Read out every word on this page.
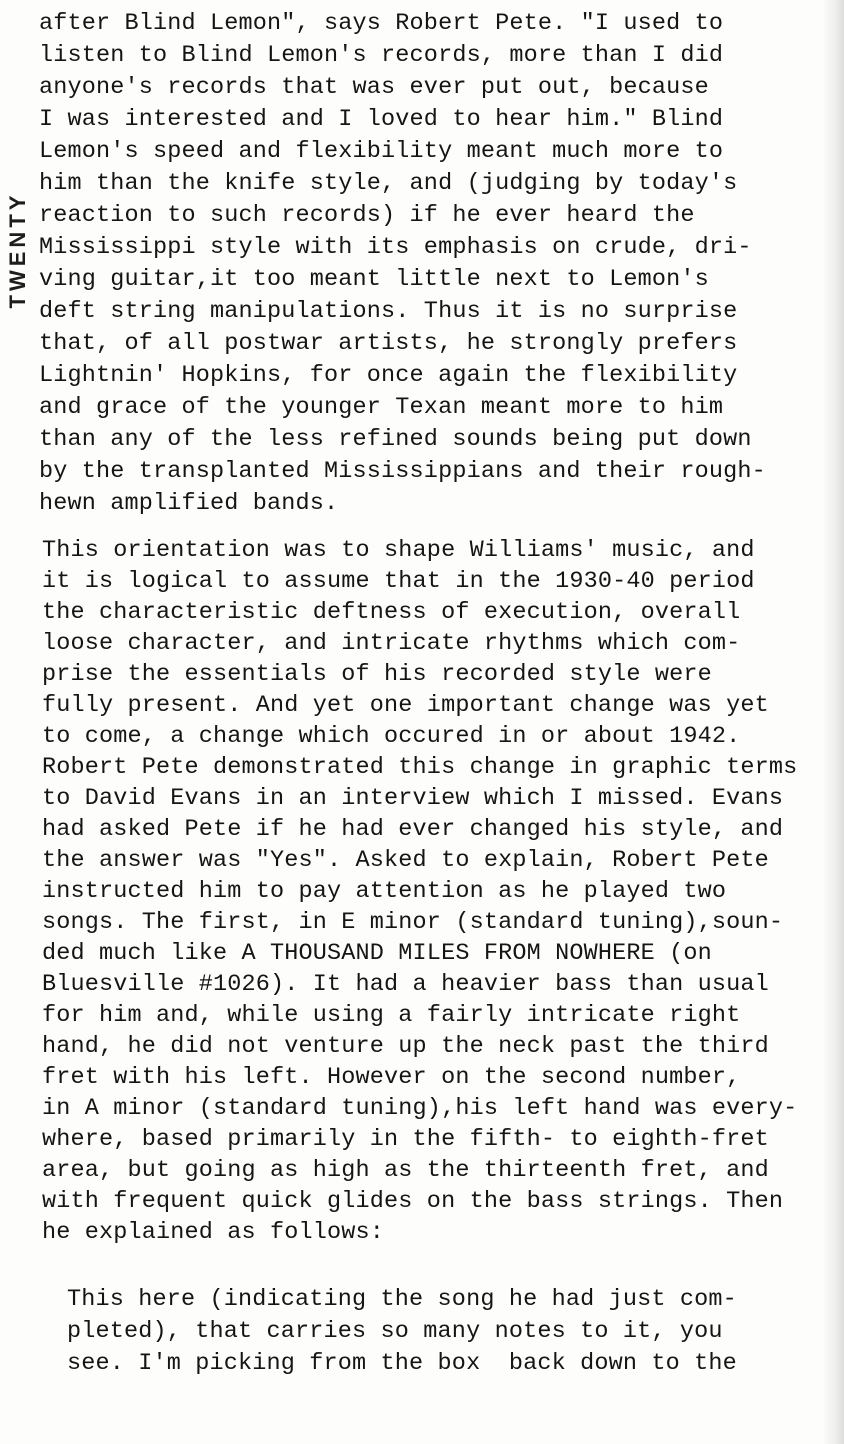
TWENTY
after Blind Lemon", says Robert Pete. "I used to
listen to Blind Lemon's records, more than I did
anyone's records that was ever put out, because
I was interested and I loved to hear him." Blind
Lemon's speed and flexibility meant much more to
him than the knife style, and (judging by today's
reaction to such records) if he ever heard the
Mississippi style with its emphasis on crude, dri-
ving guitar,it too meant little next to Lemon's
deft string manipulations. Thus it is no surprise
that, of all postwar artists, he strongly prefers
Lightnin' Hopkins, for once again the flexibility
and grace of the younger Texan meant more to him
than any of the less refined sounds being put down
by the transplanted Mississippians and their rough-
hewn amplified bands.
This orientation was to shape Williams' music, and
it is logical to assume that in the 1930-40 period
the characteristic deftness of execution, overall
loose character, and intricate rhythms which com-
prise the essentials of his recorded style were
fully present. And yet one important change was yet
to come, a change which occured in or about 1942.
Robert Pete demonstrated this change in graphic terms
to David Evans in an interview which I missed. Evans
had asked Pete if he had ever changed his style, and
the answer was "Yes". Asked to explain, Robert Pete
instructed him to pay attention as he played two
songs. The first, in E minor (standard tuning),soun-
ded much like A THOUSAND MILES FROM NOWHERE (on
Bluesville #1026). It had a heavier bass than usual
for him and, while using a fairly intricate right
hand, he did not venture up the neck past the third
fret with his left. However on the second number,
in A minor (standard tuning),his left hand was every-
where, based primarily in the fifth- to eighth-fret
area, but going as high as the thirteenth fret, and
with frequent quick glides on the bass strings. Then
he explained as follows:
This here (indicating the song he had just com-
pleted), that carries so many notes to it, you
see. I'm picking from the box  back down to the
